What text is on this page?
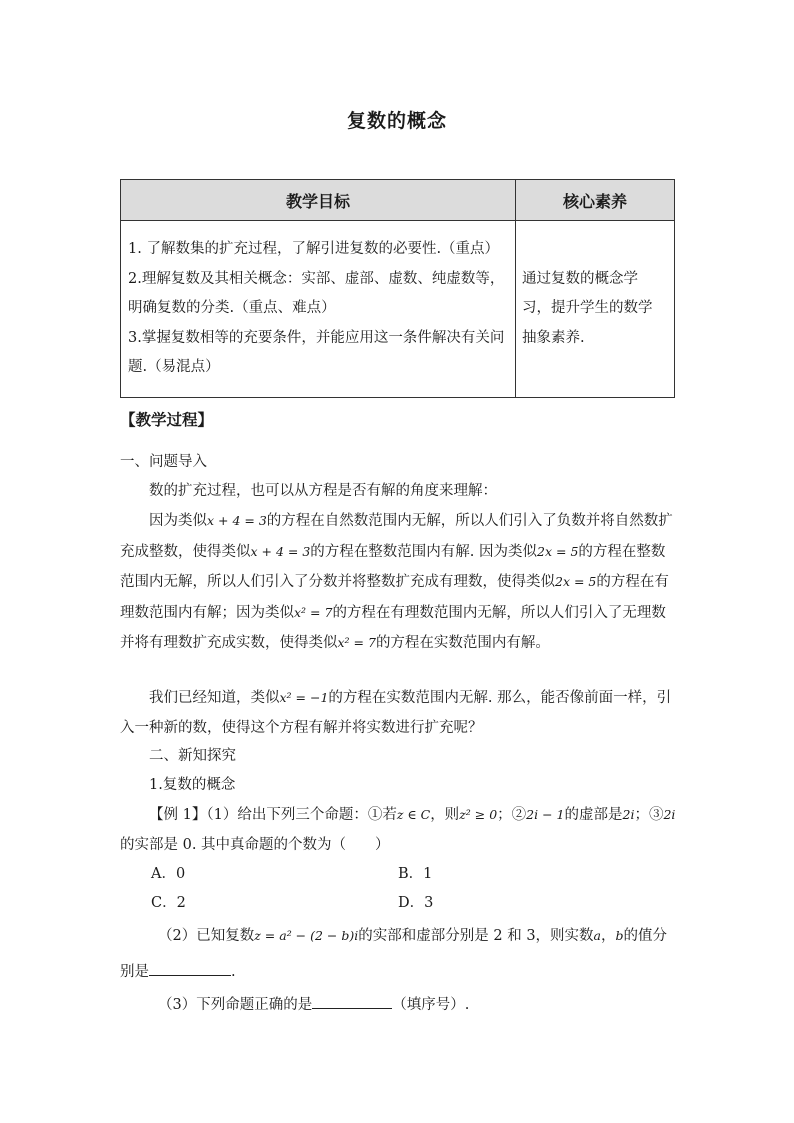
复数的概念
教学目标	核心素养

1. 了解数集的扩充过程，了解引进复数的必要性.（重点）
2.理解复数及其相关概念：实部、虚部、虚数、纯虚数等，明确复数的分类.（重点、难点）
3.掌握复数相等的充要条件，并能应用这一条件解决有关问题.（易混点）	通过复数的概念学习，提升学生的数学抽象素养.
【教学过程】
一、问题导入
数的扩充过程，也可以从方程是否有解的角度来理解：
因为类似x + 4 = 3的方程在自然数范围内无解，所以人们引入了负数并将自然数扩充成整数，使得类似x + 4 = 3的方程在整数范围内有解. 因为类似2x = 5的方程在整数范围内无解，所以人们引入了分数并将整数扩充成有理数，使得类似2x = 5的方程在有理数范围内有解；因为类似x² = 7的方程在有理数范围内无解，所以人们引入了无理数并将有理数扩充成实数，使得类似x² = 7的方程在实数范围内有解。
我们已经知道，类似x² = −1的方程在实数范围内无解. 那么，能否像前面一样，引入一种新的数，使得这个方程有解并将实数进行扩充呢？
二、新知探究
1.复数的概念
【例 1】（1）给出下列三个命题：①若z ∈ C，则z² ≥ 0；②2i − 1的虚部是2i；③2i的实部是 0. 其中真命题的个数为（　　）
A．0	B．1
C．2	D．3
（2）已知复数z = a² − (2 − b)i的实部和虚部分别是 2 和 3，则实数a，b的值分别是	.
（3）下列命题正确的是	（填序号）.
